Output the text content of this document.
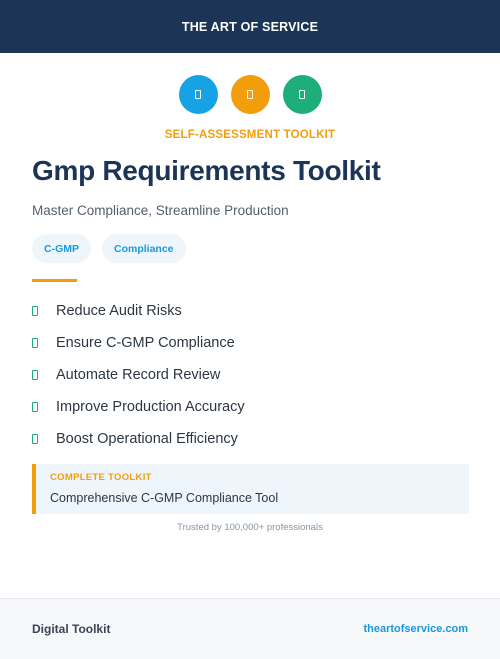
THE ART OF SERVICE
SELF-ASSESSMENT TOOLKIT
Gmp Requirements Toolkit
Master Compliance, Streamline Production
C-GMP	Compliance
Reduce Audit Risks
Ensure C-GMP Compliance
Automate Record Review
Improve Production Accuracy
Boost Operational Efficiency
COMPLETE TOOLKIT
Comprehensive C-GMP Compliance Tool
Trusted by 100,000+ professionals
Digital Toolkit	theartofservice.com
